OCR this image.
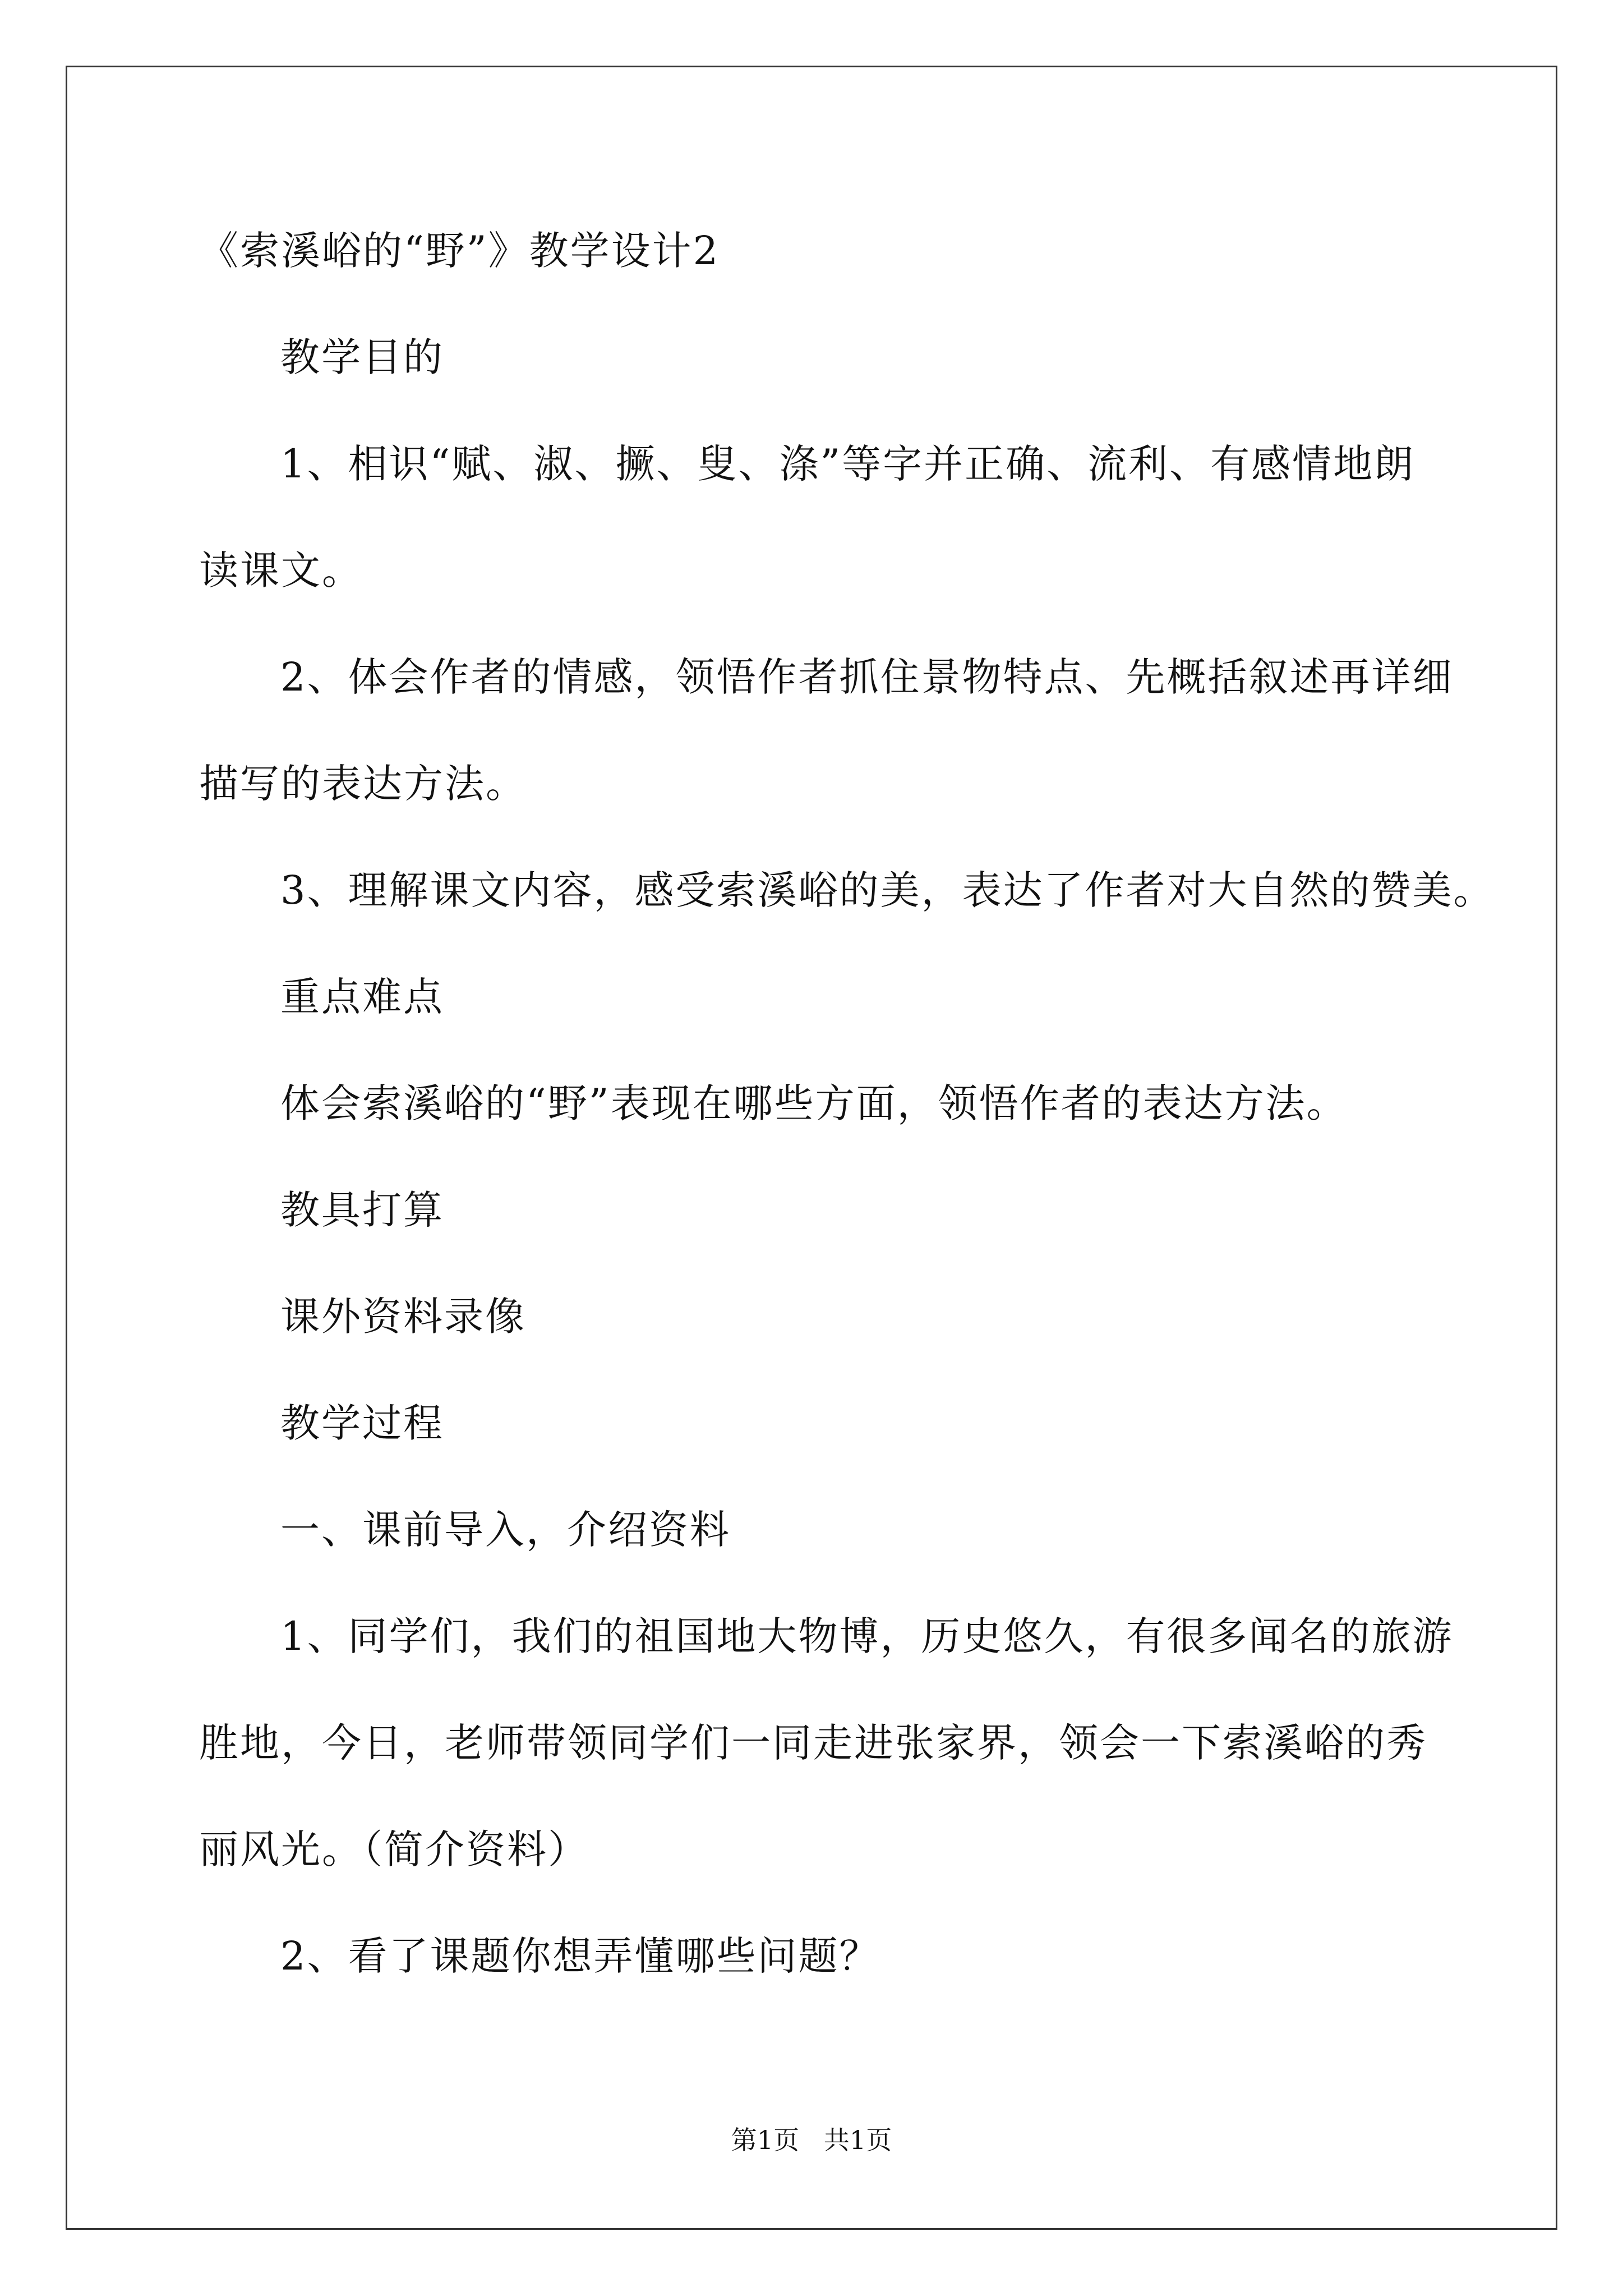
《索溪峪的“野”》教学设计2
教学目的
1、相识“赋、淑、撅、叟、涤”等字并正确、流利、有感情地朗
读课文。
2、体会作者的情感，领悟作者抓住景物特点、先概括叙述再详细
描写的表达方法。
3、理解课文内容，感受索溪峪的美，表达了作者对大自然的赞美。
重点难点
体会索溪峪的“野”表现在哪些方面，领悟作者的表达方法。
教具打算
课外资料录像
教学过程
一、课前导入，介绍资料
1、同学们，我们的祖国地大物博，历史悠久，有很多闻名的旅游
胜地，今日，老师带领同学们一同走进张家界，领会一下索溪峪的秀
丽风光。（简介资料）
2、看了课题你想弄懂哪些问题？
第1页   共1页
